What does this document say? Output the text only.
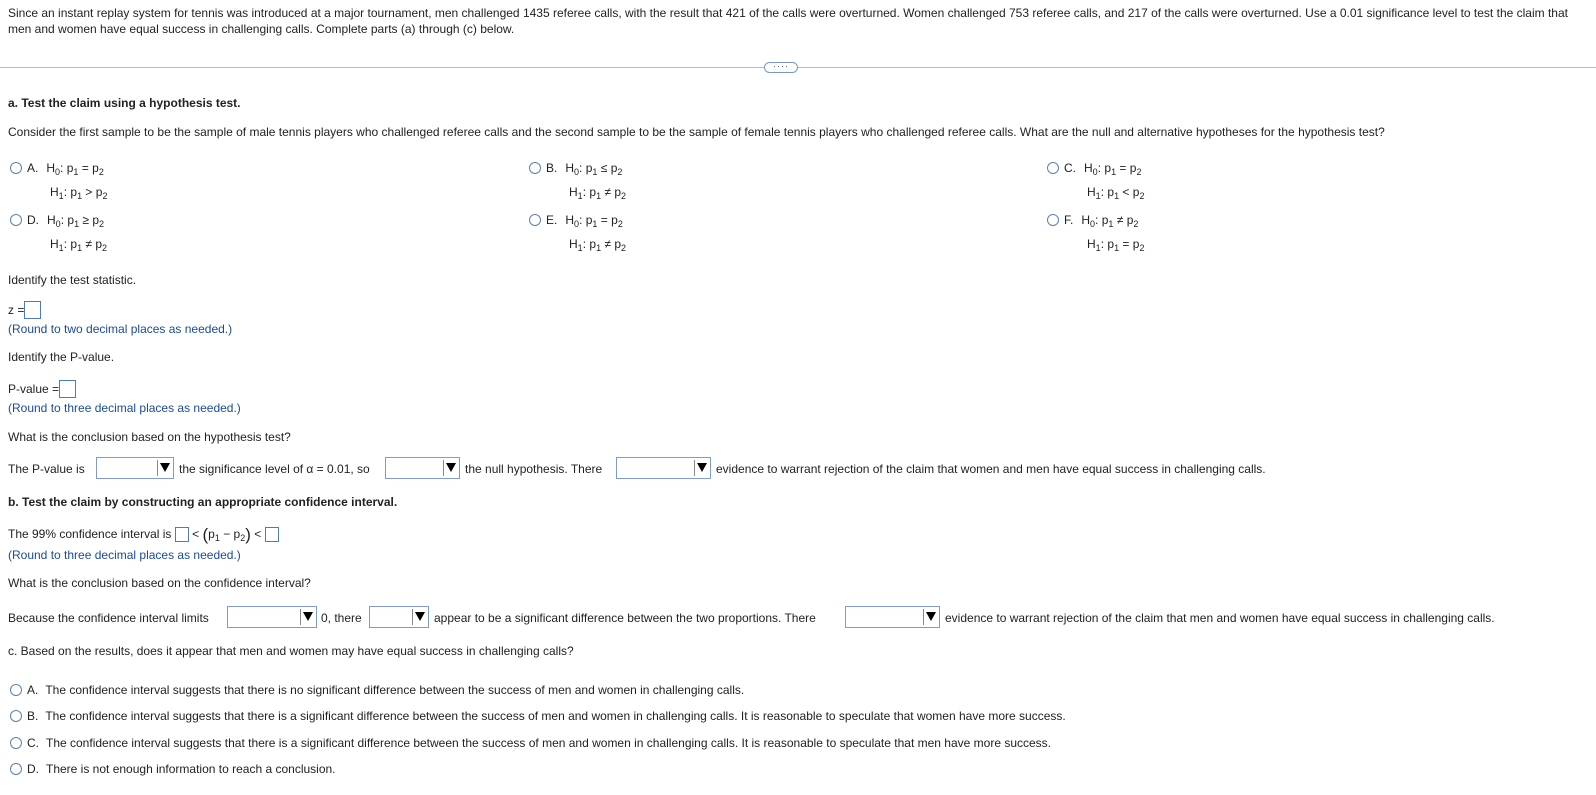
Since an instant replay system for tennis was introduced at a major tournament, men challenged 1435 referee calls, with the result that 421 of the calls were overturned. Women challenged 753 referee calls, and 217 of the calls were overturned. Use a 0.01 significance level to test the claim that men and women have equal success in challenging calls. Complete parts (a) through (c) below.
····
a. Test the claim using a hypothesis test.
Consider the first sample to be the sample of male tennis players who challenged referee calls and the second sample to be the sample of female tennis players who challenged referee calls. What are the null and alternative hypotheses for the hypothesis test?
A. $H_0$: $p_1 = p_2$
$H_1$: $p_1 > p_2$
B. $H_0$: $p_1 \le p_2$
$H_1$: $p_1 \ne p_2$
C. $H_0$: $p_1 = p_2$
$H_1$: $p_1 < p_2$
D. $H_0$: $p_1 \ge p_2$
$H_1$: $p_1 \ne p_2$
E. $H_0$: $p_1 = p_2$
$H_1$: $p_1 \ne p_2$
F. $H_0$: $p_1 \ne p_2$
$H_1$: $p_1 = p_2$
Identify the test statistic.
z =
(Round to two decimal places as needed.)
Identify the P-value.
P-value =
(Round to three decimal places as needed.)
What is the conclusion based on the hypothesis test?
The P-value is	the significance level of α = 0.01, so	the null hypothesis. There	evidence to warrant rejection of the claim that women and men have equal success in challenging calls.
b. Test the claim by constructing an appropriate confidence interval.
The 99% confidence interval is < $(p_1 - p_2)$ <
(Round to three decimal places as needed.)
What is the conclusion based on the confidence interval?
Because the confidence interval limits	0, there	appear to be a significant difference between the two proportions. There	evidence to warrant rejection of the claim that men and women have equal success in challenging calls.
c. Based on the results, does it appear that men and women may have equal success in challenging calls?
A. The confidence interval suggests that there is no significant difference between the success of men and women in challenging calls.
B. The confidence interval suggests that there is a significant difference between the success of men and women in challenging calls. It is reasonable to speculate that women have more success.
C. The confidence interval suggests that there is a significant difference between the success of men and women in challenging calls. It is reasonable to speculate that men have more success.
D. There is not enough information to reach a conclusion.
